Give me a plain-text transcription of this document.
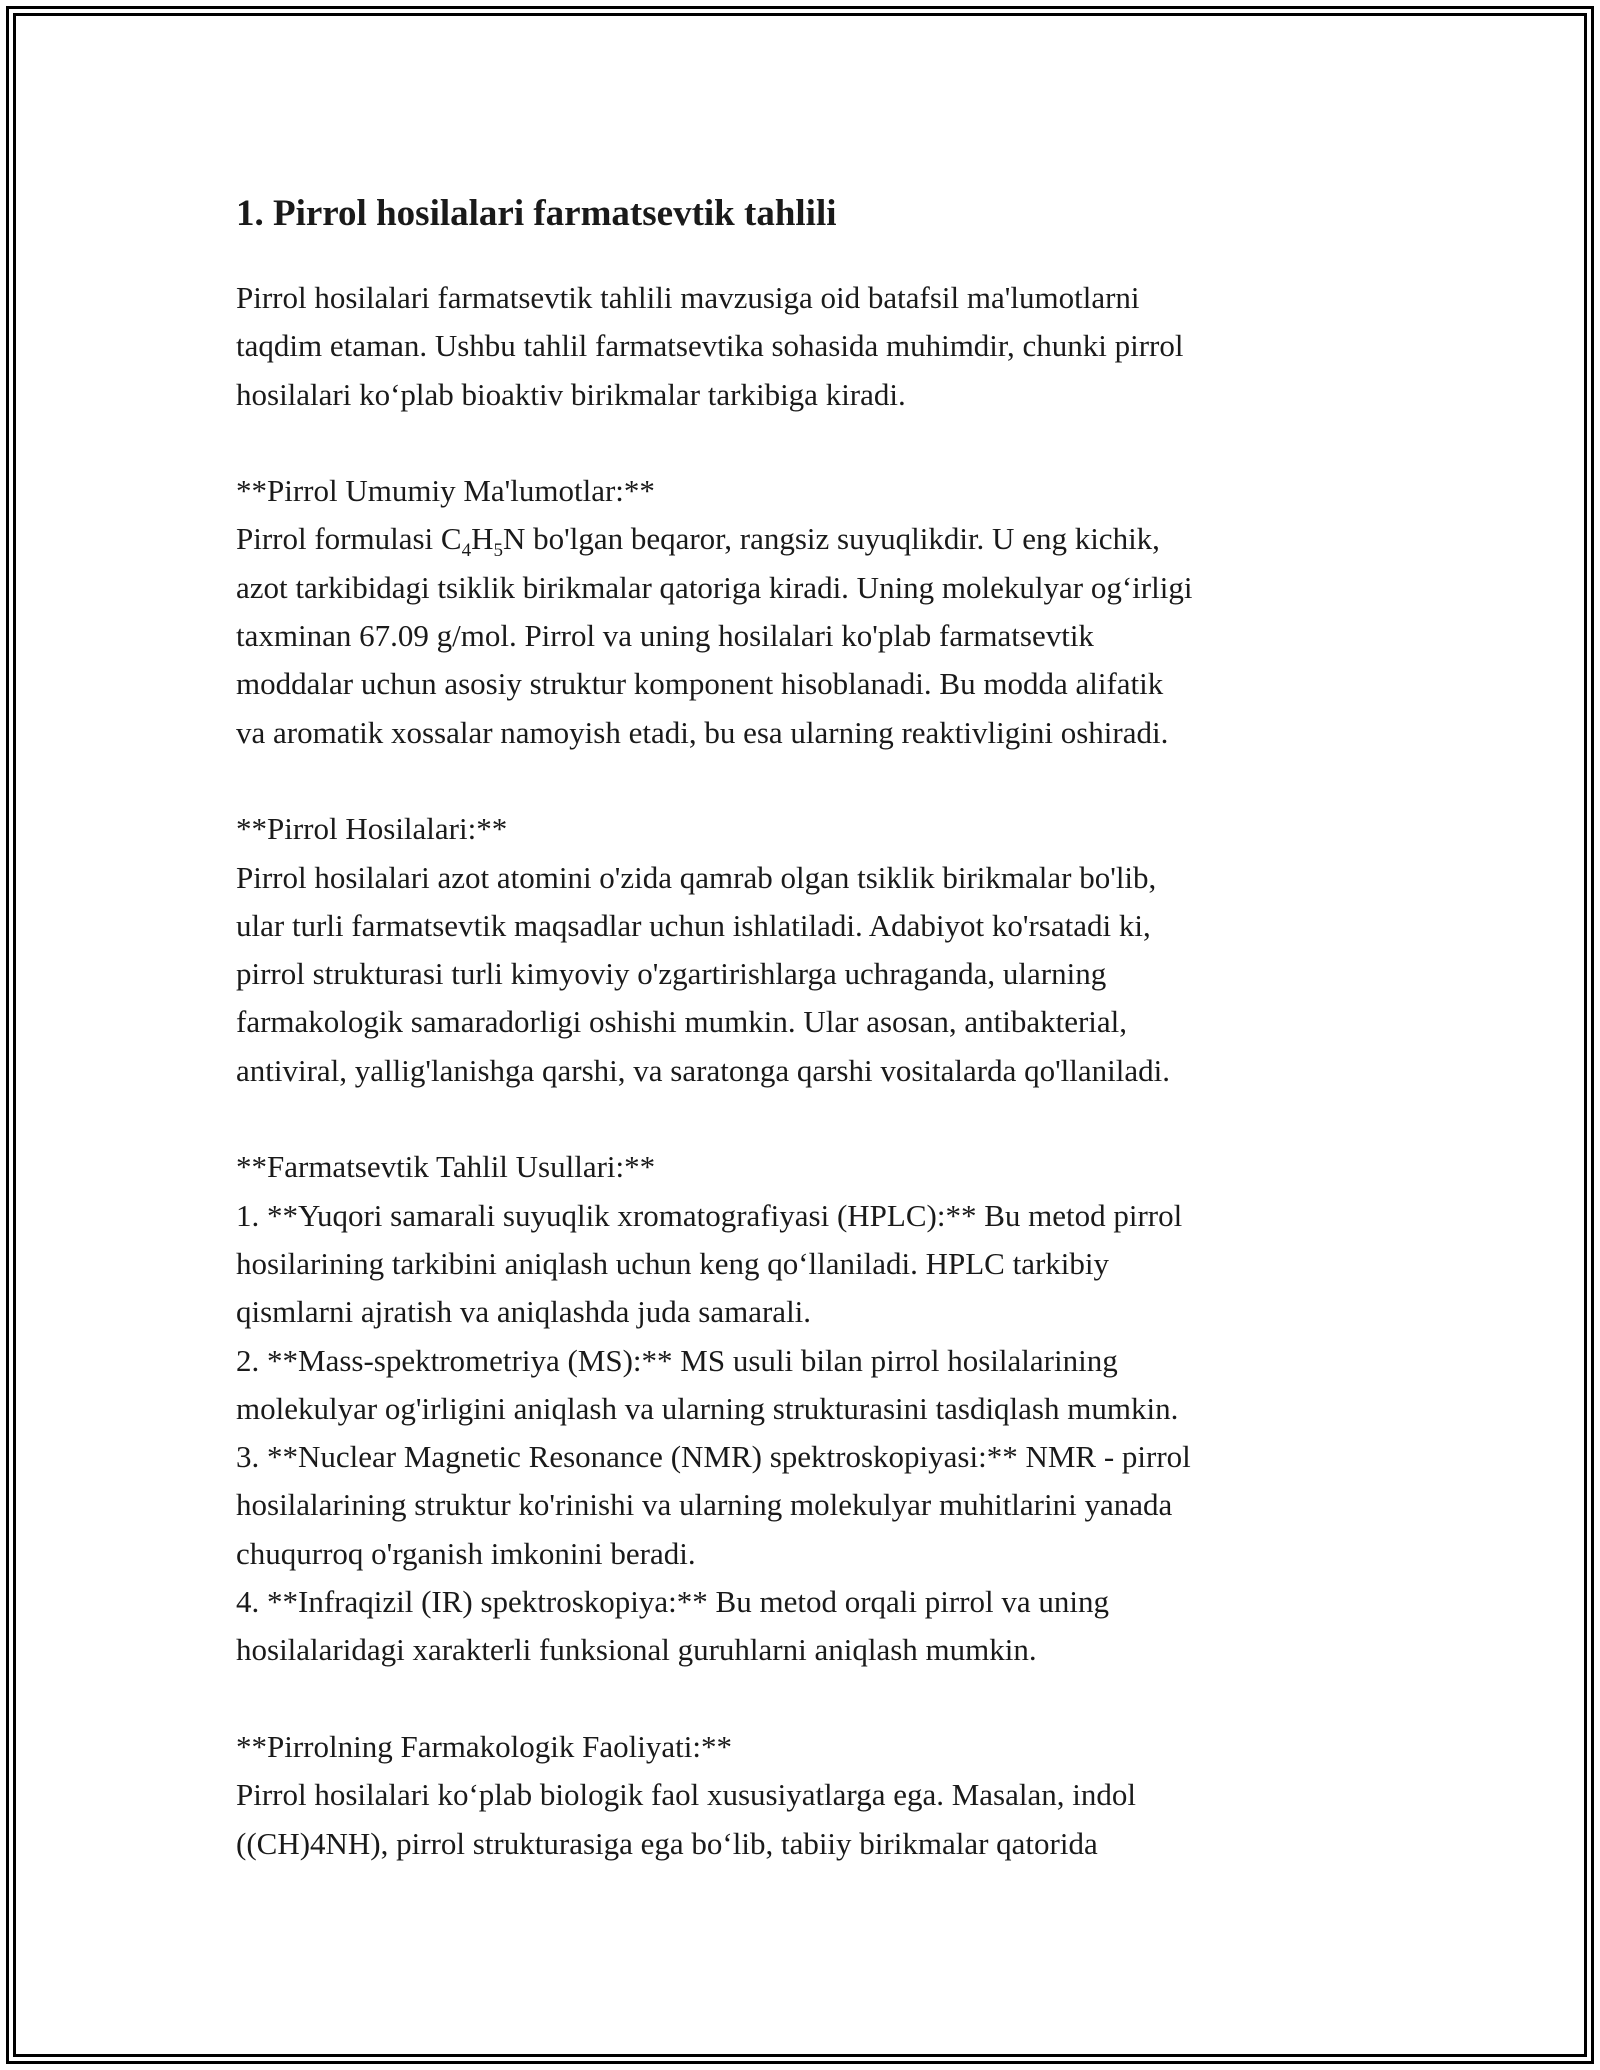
1. Pirrol hosilalari farmatsevtik tahlili
Pirrol hosilalari farmatsevtik tahlili mavzusiga oid batafsil ma'lumotlarni
taqdim etaman. Ushbu tahlil farmatsevtika sohasida muhimdir, chunki pirrol
hosilalari ko‘plab bioaktiv birikmalar tarkibiga kiradi.
**Pirrol Umumiy Ma'lumotlar:**
Pirrol formulasi $C_4H_5N$ bo'lgan beqaror, rangsiz suyuqlikdir. U eng kichik,
azot tarkibidagi tsiklik birikmalar qatoriga kiradi. Uning molekulyar og‘irligi
taxminan 67.09 g/mol. Pirrol va uning hosilalari ko'plab farmatsevtik
moddalar uchun asosiy struktur komponent hisoblanadi. Bu modda alifatik
va aromatik xossalar namoyish etadi, bu esa ularning reaktivligini oshiradi.
**Pirrol Hosilalari:**
Pirrol hosilalari azot atomini o'zida qamrab olgan tsiklik birikmalar bo'lib,
ular turli farmatsevtik maqsadlar uchun ishlatiladi. Adabiyot ko'rsatadi ki,
pirrol strukturasi turli kimyoviy o'zgartirishlarga uchraganda, ularning
farmakologik samaradorligi oshishi mumkin. Ular asosan, antibakterial,
antiviral, yallig'lanishga qarshi, va saratonga qarshi vositalarda qo'llaniladi.
**Farmatsevtik Tahlil Usullari:**
1. **Yuqori samarali suyuqlik xromatografiyasi (HPLC):** Bu metod pirrol
hosilarining tarkibini aniqlash uchun keng qo‘llaniladi. HPLC tarkibiy
qismlarni ajratish va aniqlashda juda samarali.
2. **Mass-spektrometriya (MS):** MS usuli bilan pirrol hosilalarining
molekulyar og'irligini aniqlash va ularning strukturasini tasdiqlash mumkin.
3. **Nuclear Magnetic Resonance (NMR) spektroskopiyasi:** NMR - pirrol
hosilalarining struktur ko'rinishi va ularning molekulyar muhitlarini yanada
chuqurroq o'rganish imkonini beradi.
4. **Infraqizil (IR) spektroskopiya:** Bu metod orqali pirrol va uning
hosilalaridagi xarakterli funksional guruhlarni aniqlash mumkin.
**Pirrolning Farmakologik Faoliyati:**
Pirrol hosilalari ko‘plab biologik faol xususiyatlarga ega. Masalan, indol
((CH)4NH), pirrol strukturasiga ega bo‘lib, tabiiy birikmalar qatorida
